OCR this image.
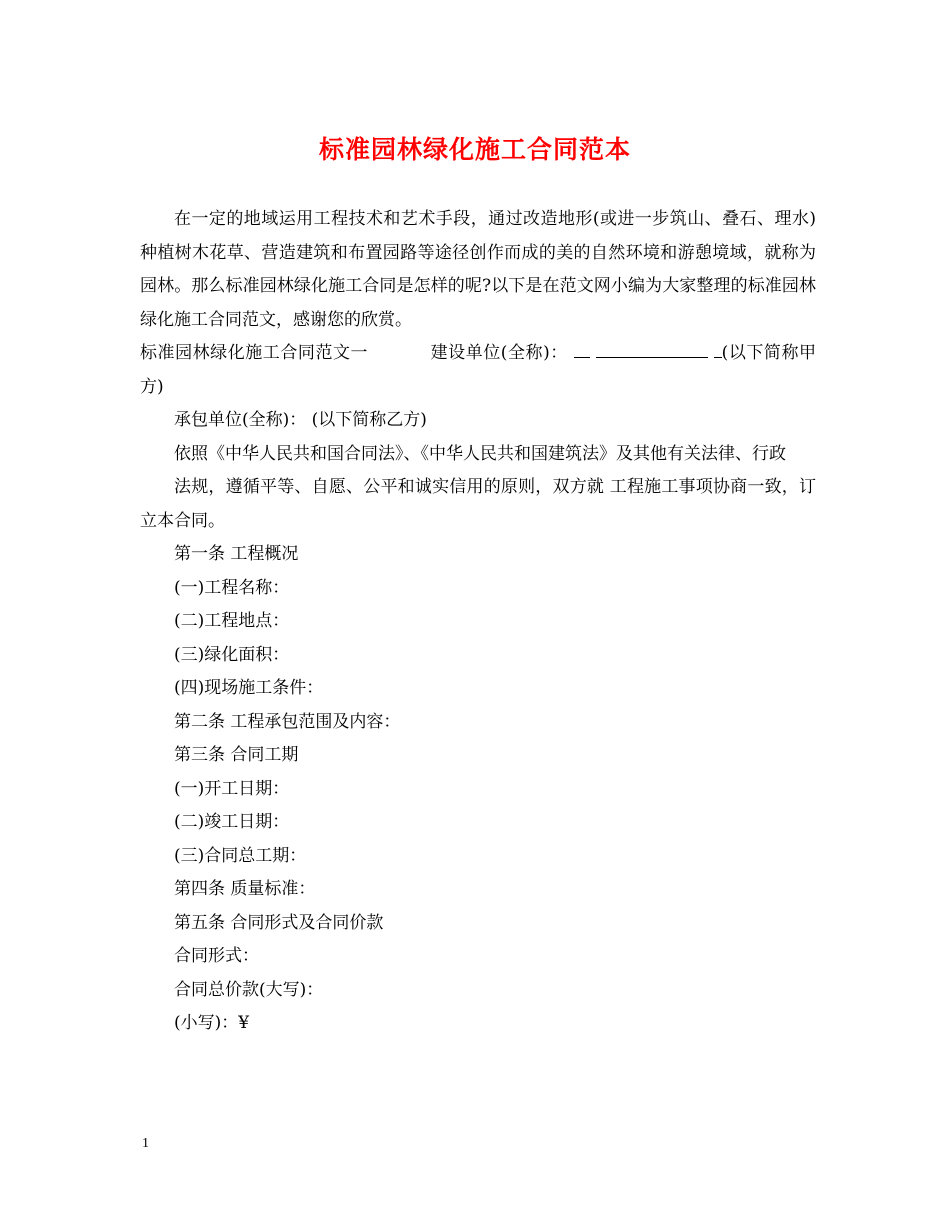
标准园林绿化施工合同范本

在一定的地域运用工程技术和艺术手段，通过改造地形(或进一步筑山、叠石、理水)种植树木花草、营造建筑和布置园路等途径创作而成的美的自然环境和游憩境域，就称为园林。那么标准园林绿化施工合同是怎样的呢?以下是在范文网小编为大家整理的标准园林绿化施工合同范文，感谢您的欣赏。

标准园林绿化施工合同范文一	建设单位(全称)：	(以下简称甲方)

承包单位(全称)： (以下简称乙方)

依照《中华人民共和国合同法》、《中华人民共和国建筑法》及其他有关法律、行政

法规，遵循平等、自愿、公平和诚实信用的原则，双方就 工程施工事项协商一致，订立本合同。

第一条 工程概况

(一)工程名称：

(二)工程地点：

(三)绿化面积：

(四)现场施工条件：

第二条 工程承包范围及内容：

第三条 合同工期

(一)开工日期：

(二)竣工日期：

(三)合同总工期：

第四条 质量标准：

第五条 合同形式及合同价款

合同形式：

合同总价款(大写)：

(小写)：¥

1
